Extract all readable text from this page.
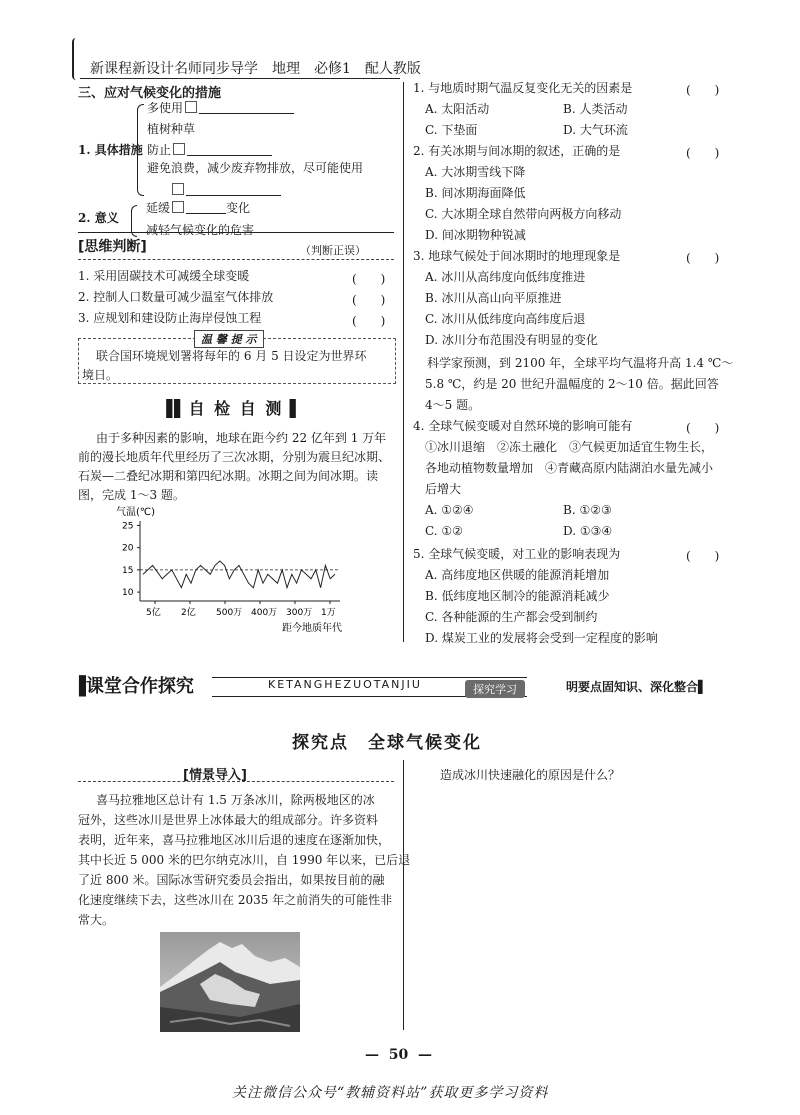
新课程新设计名师同步导学　地理　必修1　配人教版
三、应对气候变化的措施
1. 具体措施
多使用
植树种草
防止
避免浪费，减少废弃物排放，尽可能使用
2. 意义
延缓	变化
减轻气候变化的危害
[思维判断]	（判断正误）
1. 采用固碳技术可减缓全球变暖	(　　)
2. 控制人口数量可减少温室气体排放	(　　)
3. 应规划和建设防止海岸侵蚀工程	(　　)
温 馨 提 示
联合国环境规划署将每年的 6 月 5 日设定为世界环
境日。
▐▌自 检 自 测▐
由于多种因素的影响，地球在距今约 22 亿年到 1 万年
前的漫长地质年代里经历了三次冰期，分别为震旦纪冰期、
石炭—二叠纪冰期和第四纪冰期。冰期之间为间冰期。读
图，完成 1～3 题。
气温(℃)
25
20
15
10
5亿 2亿 500万 400万 300万 1万
距今地质年代
1. 与地质时期气温反复变化无关的因素是	(　　)
A. 太阳活动	B. 人类活动
C. 下垫面	D. 大气环流
2. 有关冰期与间冰期的叙述，正确的是	(　　)
A. 大冰期雪线下降
B. 间冰期海面降低
C. 大冰期全球自然带向两极方向移动
D. 间冰期物种锐减
3. 地球气候处于间冰期时的地理现象是	(　　)
A. 冰川从高纬度向低纬度推进
B. 冰川从高山向平原推进
C. 冰川从低纬度向高纬度后退
D. 冰川分布范围没有明显的变化
科学家预测，到 2100 年，全球平均气温将升高 1.4 ℃～
5.8 ℃，约是 20 世纪升温幅度的 2～10 倍。据此回答
4～5 题。
4. 全球气候变暖对自然环境的影响可能有	(　　)
①冰川退缩　②冻土融化　③气候更加适宜生物生长，
各地动植物数量增加　④青藏高原内陆湖泊水量先减小
后增大
A. ①②④	B. ①②③
C. ①②	D. ①③④
5. 全球气候变暖，对工业的影响表现为	(　　)
A. 高纬度地区供暖的能源消耗增加
B. 低纬度地区制冷的能源消耗减少
C. 各种能源的生产都会受到制约
D. 煤炭工业的发展将会受到一定程度的影响
▐课堂合作探究	KETANGHEZUOTANJIU	探究学习	明要点固知识、深化整合▌
探究点　全球气候变化
[情景导入]
喜马拉雅地区总计有 1.5 万条冰川，除两极地区的冰
冠外，这些冰川是世界上冰体最大的组成部分。许多资料
表明，近年来，喜马拉雅地区冰川后退的速度在逐渐加快，
其中长近 5 000 米的巴尔纳克冰川，自 1990 年以来，已后退
了近 800 米。国际冰雪研究委员会指出，如果按目前的融
化速度继续下去，这些冰川在 2035 年之前消失的可能性非
常大。
造成冰川快速融化的原因是什么？
— 50 —
关注微信公众号“教辅资料站”获取更多学习资料
